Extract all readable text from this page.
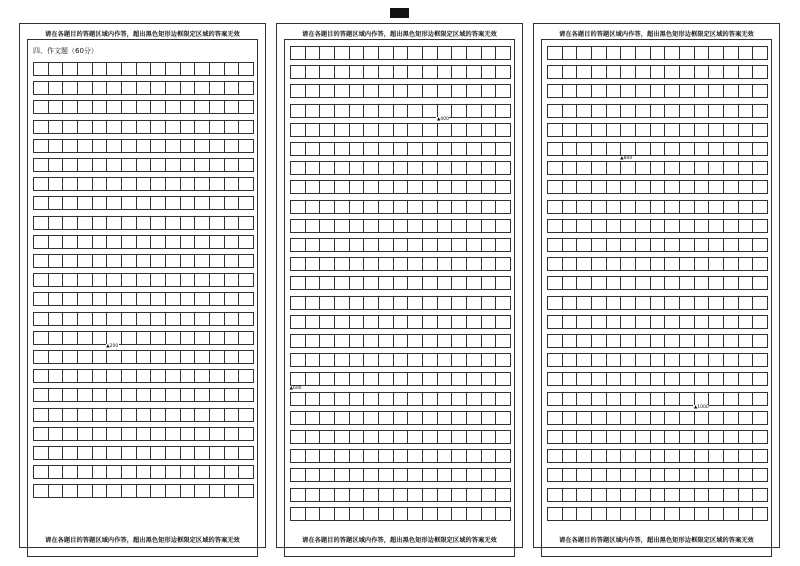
请在各题目的答题区域内作答，超出黑色矩形边框限定区域的答案无效
四、作文题（60分）
▲200
请在各题目的答题区域内作答，超出黑色矩形边框限定区域的答案无效
请在各题目的答题区域内作答，超出黑色矩形边框限定区域的答案无效
▲400
▲600
请在各题目的答题区域内作答，超出黑色矩形边框限定区域的答案无效
请在各题目的答题区域内作答，超出黑色矩形边框限定区域的答案无效
▲800
▲1000
请在各题目的答题区域内作答，超出黑色矩形边框限定区域的答案无效
